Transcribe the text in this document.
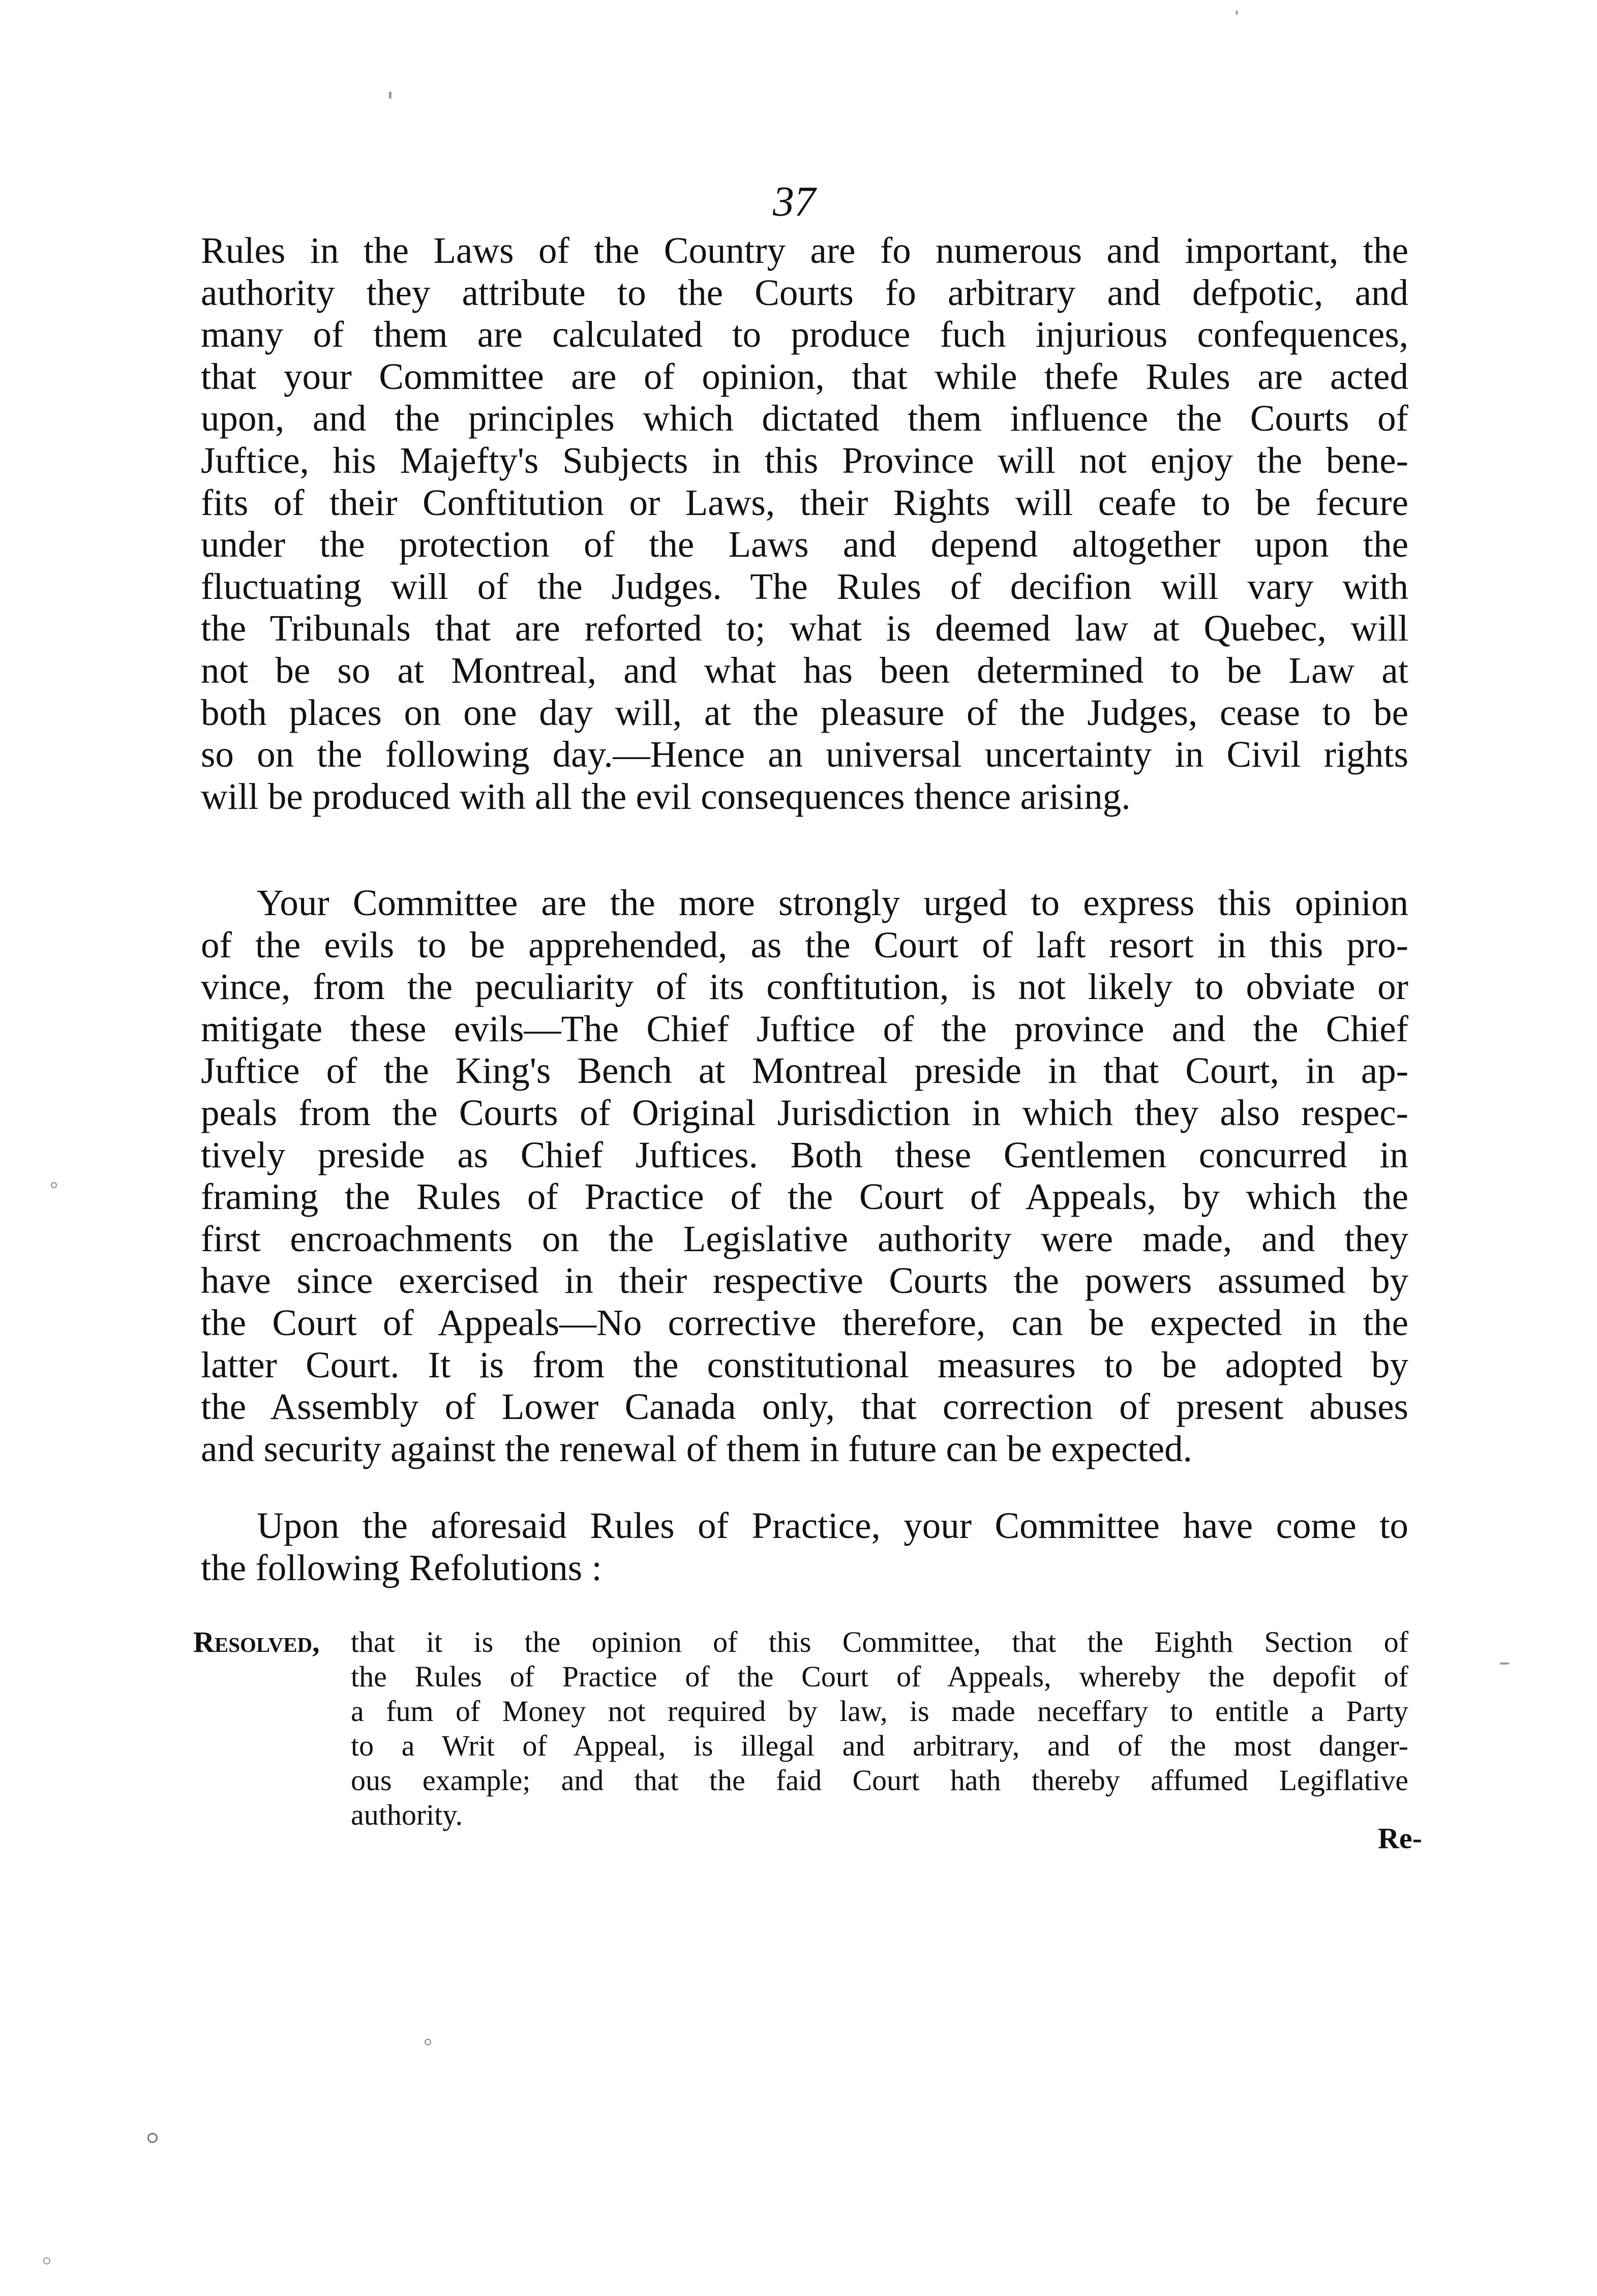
37

Rules in the Laws of the Country are fo numerous and important, the
authority they attribute to the Courts fo arbitrary and defpotic, and
many of them are calculated to produce fuch injurious confequences,
that your Committee are of opinion, that while thefe Rules are acted
upon, and the principles which dictated them influence the Courts of
Juftice, his Majefty's Subjects in this Province will not enjoy the bene-
fits of their Conftitution or Laws, their Rights will ceafe to be fecure
under the protection of the Laws and depend altogether upon the
fluctuating will of the Judges. The Rules of decifion will vary with
the Tribunals that are reforted to; what is deemed law at Quebec, will
not be so at Montreal, and what has been determined to be Law at
both places on one day will, at the pleasure of the Judges, cease to be
so on the following day.—Hence an universal uncertainty in Civil rights
will be produced with all the evil consequences thence arising.

Your Committee are the more strongly urged to express this opinion
of the evils to be apprehended, as the Court of laft resort in this pro-
vince, from the peculiarity of its conftitution, is not likely to obviate or
mitigate these evils—The Chief Juftice of the province and the Chief
Juftice of the King's Bench at Montreal preside in that Court, in ap-
peals from the Courts of Original Jurisdiction in which they also respec-
tively preside as Chief Juftices. Both these Gentlemen concurred in
framing the Rules of Practice of the Court of Appeals, by which the
first encroachments on the Legislative authority were made, and they
have since exercised in their respective Courts the powers assumed by
the Court of Appeals—No corrective therefore, can be expected in the
latter Court. It is from the constitutional measures to be adopted by
the Assembly of Lower Canada only, that correction of present abuses
and security against the renewal of them in future can be expected.

Upon the aforesaid Rules of Practice, your Committee have come to
the following Refolutions :

Resolved, that it is the opinion of this Committee, that the Eighth Section of
the Rules of Practice of the Court of Appeals, whereby the depofit of
a fum of Money not required by law, is made neceffary to entitle a Party
to a Writ of Appeal, is illegal and arbitrary, and of the most danger-
ous example; and that the faid Court hath thereby affumed Legiflative
authority.
Re-
